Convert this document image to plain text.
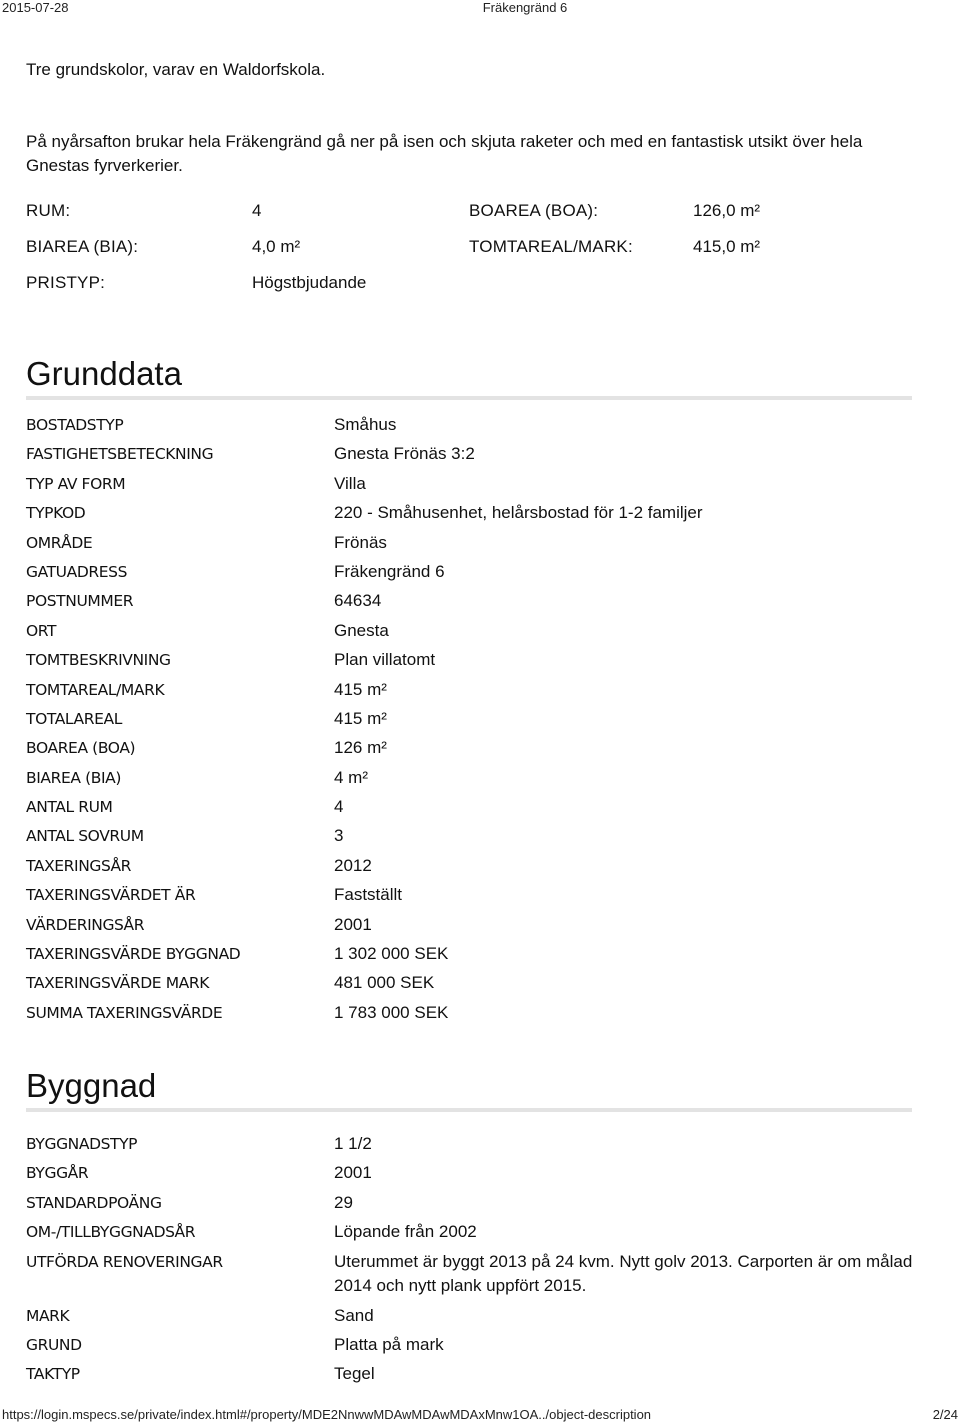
2015-07-28	Fräkengränd 6

Tre grundskolor, varav en Waldorfskola.

På nyårsafton brukar hela Fräkengränd gå ner på isen och skjuta raketer och med en fantastisk utsikt över hela Gnestas fyrverkerier.

RUM:	4	BOAREA (BOA):	126,0 m²
BIAREA (BIA):	4,0 m²	TOMTAREAL/MARK:	415,0 m²
PRISTYP:	Högstbjudande
Grunddata
BOSTADSTYP	Småhus
FASTIGHETSBETECKNING	Gnesta Frönäs 3:2
TYP AV FORM	Villa
TYPKOD	220 - Småhusenhet, helårsbostad för 1-2 familjer
OMRÅDE	Frönäs
GATUADRESS	Fräkengränd 6
POSTNUMMER	64634
ORT	Gnesta
TOMTBESKRIVNING	Plan villatomt
TOMTAREAL/MARK	415 m²
TOTALAREAL	415 m²
BOAREA (BOA)	126 m²
BIAREA (BIA)	4 m²
ANTAL RUM	4
ANTAL SOVRUM	3
TAXERINGSÅR	2012
TAXERINGSVÄRDET ÄR	Fastställt
VÄRDERINGSÅR	2001
TAXERINGSVÄRDE BYGGNAD	1 302 000 SEK
TAXERINGSVÄRDE MARK	481 000 SEK
SUMMA TAXERINGSVÄRDE	1 783 000 SEK
Byggnad
BYGGNADSTYP	1 1/2
BYGGÅR	2001
STANDARDPOÄNG	29
OM-/TILLBYGGNADSÅR	Löpande från 2002
UTFÖRDA RENOVERINGAR	Uterummet är byggt 2013 på 24 kvm. Nytt golv 2013. Carporten är om målad 2014 och nytt plank uppfört 2015.
MARK	Sand
GRUND	Platta på mark
TAKTYP	Tegel
https://login.mspecs.se/private/index.html#/property/MDE2NnwwMDAwMDAwMDAxMnw1OA../object-description	2/24
